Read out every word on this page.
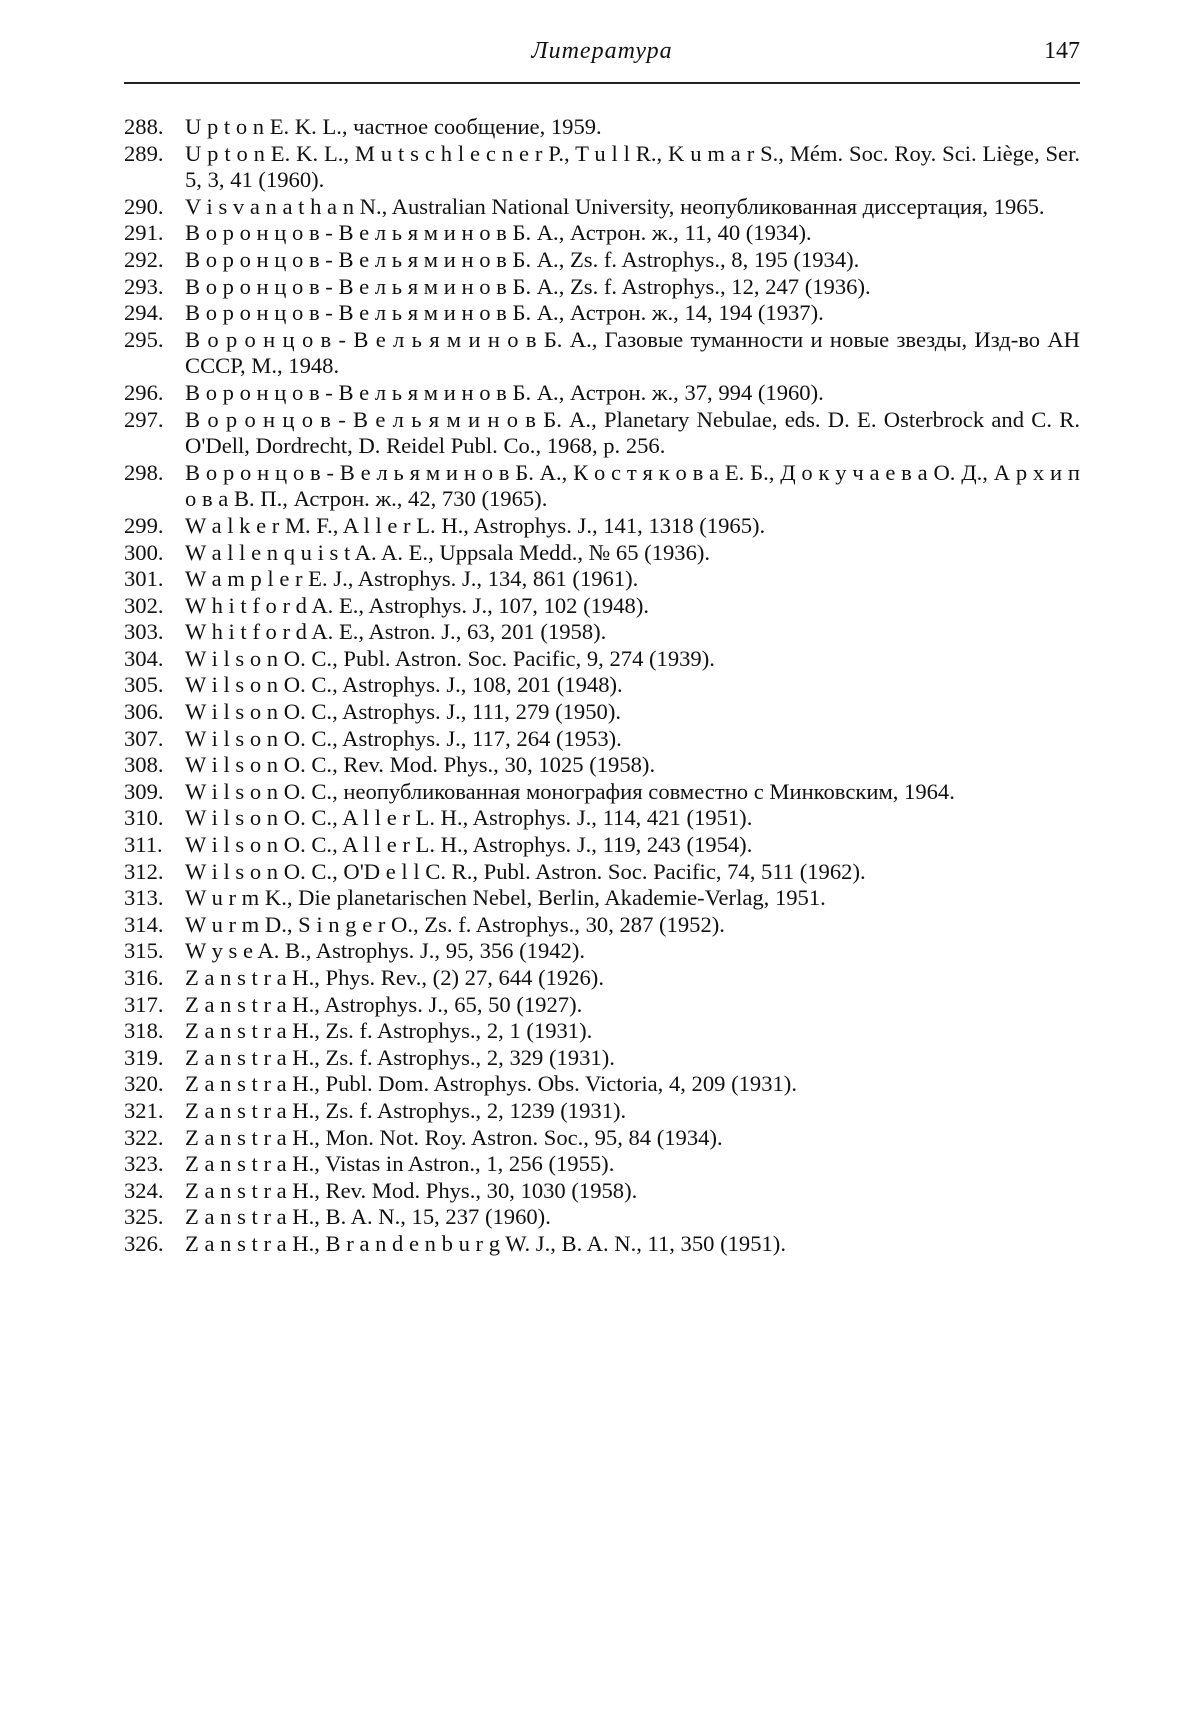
Литература	147
288. U p t o n E. K. L., частное сообщение, 1959.
289. U p t o n E. K. L., M u t s c h l e c n e r P., T u l l R., K u m a r S., Mém. Soc. Roy. Sci. Liège, Ser. 5, 3, 41 (1960).
290. V i s v a n a t h a n N., Australian National University, неопубликованная диссертация, 1965.
291. В о р о н ц о в - В е л ь я м и н о в Б. А., Астрон. ж., 11, 40 (1934).
292. В о р о н ц о в - В е л ь я м и н о в Б. А., Zs. f. Astrophys., 8, 195 (1934).
293. В о р о н ц о в - В е л ь я м и н о в Б. А., Zs. f. Astrophys., 12, 247 (1936).
294. В о р о н ц о в - В е л ь я м и н о в Б. А., Астрон. ж., 14, 194 (1937).
295. В о р о н ц о в - В е л ь я м и н о в Б. А., Газовые туманности и новые звезды, Изд-во АН СССР, М., 1948.
296. В о р о н ц о в - В е л ь я м и н о в Б. А., Астрон. ж., 37, 994 (1960).
297. В о р о н ц о в - В е л ь я м и н о в Б. А., Planetary Nebulae, eds. D. E. Osterbrock and C. R. O'Dell, Dordrecht, D. Reidel Publ. Co., 1968, p. 256.
298. В о р о н ц о в - В е л ь я м и н о в Б. А., К о с т я к о в а Е. Б., Д о к у ч а е в а О. Д., А р х и п о в а В. П., Астрон. ж., 42, 730 (1965).
299. W a l k e r M. F., A l l e r L. H., Astrophys. J., 141, 1318 (1965).
300. W a l l e n q u i s t A. A. E., Uppsala Medd., № 65 (1936).
301. W a m p l e r E. J., Astrophys. J., 134, 861 (1961).
302. W h i t f o r d A. E., Astrophys. J., 107, 102 (1948).
303. W h i t f o r d A. E., Astron. J., 63, 201 (1958).
304. W i l s o n O. C., Publ. Astron. Soc. Pacific, 9, 274 (1939).
305. W i l s o n O. C., Astrophys. J., 108, 201 (1948).
306. W i l s o n O. C., Astrophys. J., 111, 279 (1950).
307. W i l s o n O. C., Astrophys. J., 117, 264 (1953).
308. W i l s o n O. C., Rev. Mod. Phys., 30, 1025 (1958).
309. W i l s o n O. C., неопубликованная монография совместно с Минковским, 1964.
310. W i l s o n O. C., A l l e r L. H., Astrophys. J., 114, 421 (1951).
311. W i l s o n O. C., A l l e r L. H., Astrophys. J., 119, 243 (1954).
312. W i l s o n O. C., O'D e l l C. R., Publ. Astron. Soc. Pacific, 74, 511 (1962).
313. W u r m K., Die planetarischen Nebel, Berlin, Akademie-Verlag, 1951.
314. W u r m D., S i n g e r O., Zs. f. Astrophys., 30, 287 (1952).
315. W y s e A. B., Astrophys. J., 95, 356 (1942).
316. Z a n s t r a H., Phys. Rev., (2) 27, 644 (1926).
317. Z a n s t r a H., Astrophys. J., 65, 50 (1927).
318. Z a n s t r a H., Zs. f. Astrophys., 2, 1 (1931).
319. Z a n s t r a H., Zs. f. Astrophys., 2, 329 (1931).
320. Z a n s t r a H., Publ. Dom. Astrophys. Obs. Victoria, 4, 209 (1931).
321. Z a n s t r a H., Zs. f. Astrophys., 2, 1239 (1931).
322. Z a n s t r a H., Mon. Not. Roy. Astron. Soc., 95, 84 (1934).
323. Z a n s t r a H., Vistas in Astron., 1, 256 (1955).
324. Z a n s t r a H., Rev. Mod. Phys., 30, 1030 (1958).
325. Z a n s t r a H., B. A. N., 15, 237 (1960).
326. Z a n s t r a H., B r a n d e n b u r g W. J., B. A. N., 11, 350 (1951).
